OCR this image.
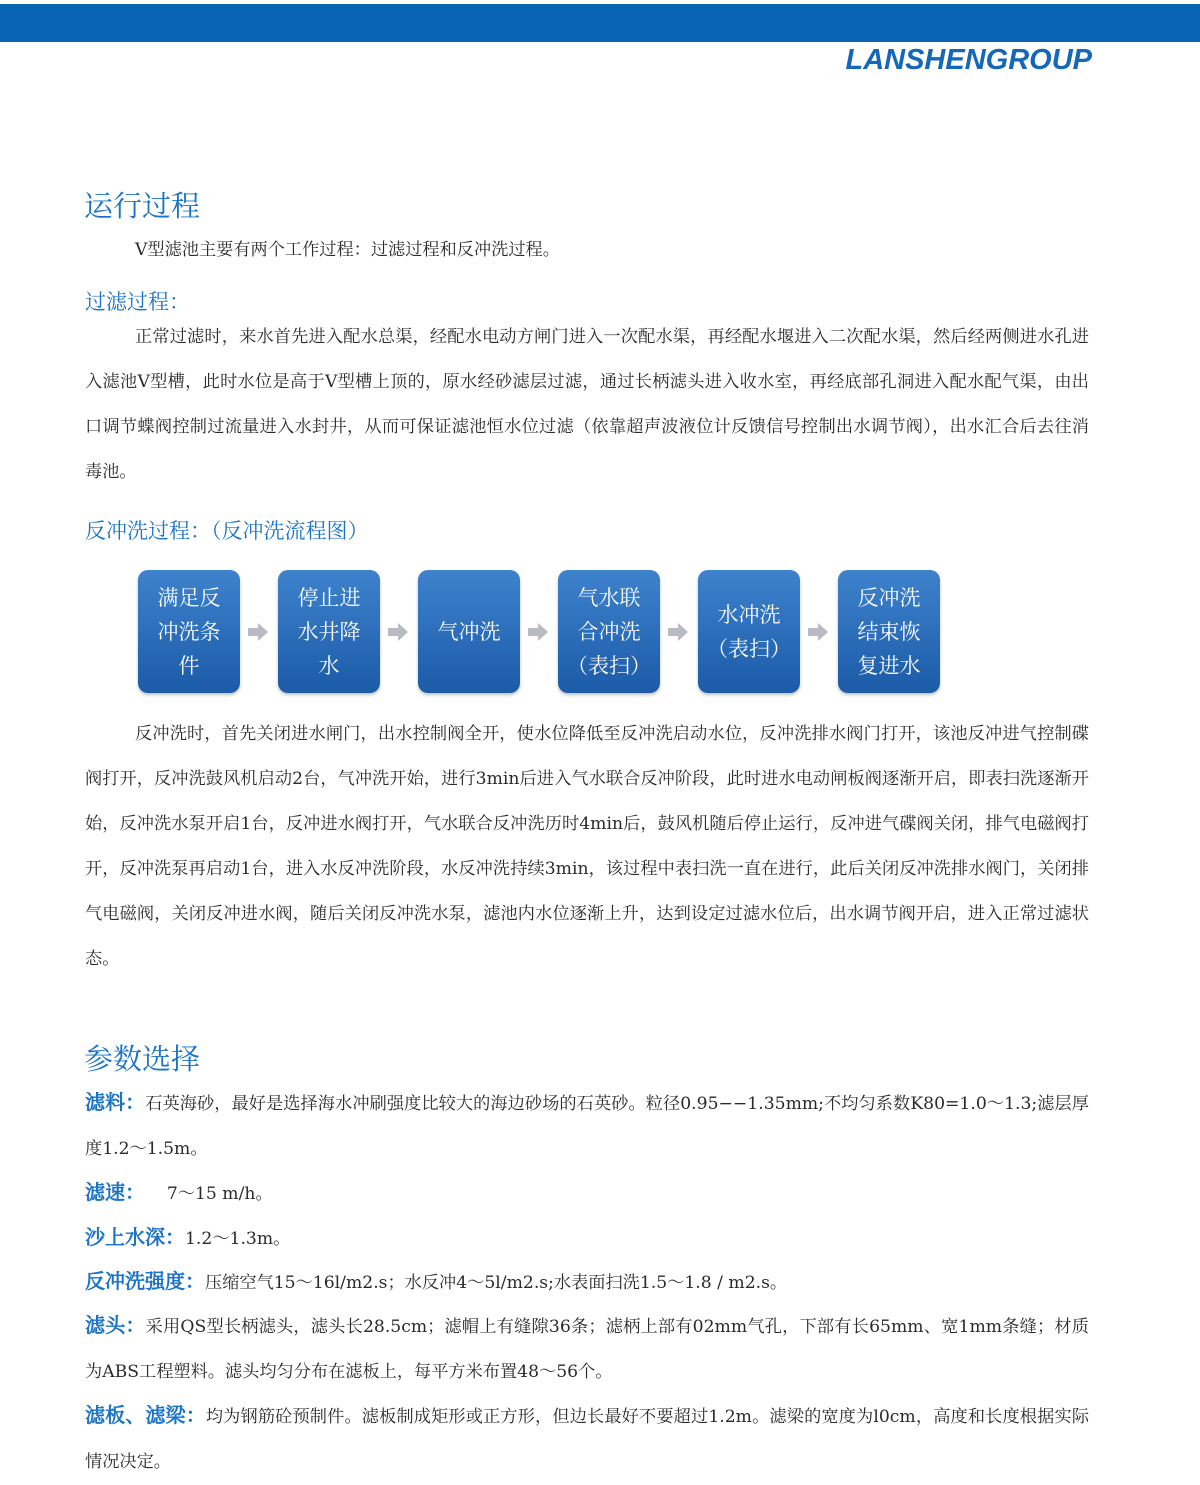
LANSHENGROUP
运行过程

V型滤池主要有两个工作过程：过滤过程和反冲洗过程。

过滤过程：

正常过滤时，来水首先进入配水总渠，经配水电动方闸门进入一次配水渠，再经配水堰进入二次配水渠，然后经两侧进水孔进入滤池V型槽，此时水位是高于V型槽上顶的，原水经砂滤层过滤，通过长柄滤头进入收水室，再经底部孔洞进入配水配气渠，由出口调节蝶阀控制过流量进入水封井，从而可保证滤池恒水位过滤（依靠超声波液位计反馈信号控制出水调节阀），出水汇合后去往消毒池。

反冲洗过程：（反冲洗流程图）
满足反
冲洗条
件
停止进
水井降
水
气冲洗
气水联
合冲洗
（表扫）
水冲洗
（表扫）
反冲洗
结束恢
复进水

反冲洗时，首先关闭进水闸门，出水控制阀全开，使水位降低至反冲洗启动水位，反冲洗排水阀门打开，该池反冲进气控制碟阀打开，反冲洗鼓风机启动2台，气冲洗开始，进行3min后进入气水联合反冲阶段，此时进水电动闸板阀逐渐开启，即表扫洗逐渐开始，反冲洗水泵开启1台，反冲进水阀打开，气水联合反冲洗历时4min后，鼓风机随后停止运行，反冲进气碟阀关闭，排气电磁阀打开，反冲洗泵再启动1台，进入水反冲洗阶段，水反冲洗持续3min，该过程中表扫洗一直在进行，此后关闭反冲洗排水阀门，关闭排气电磁阀，关闭反冲进水阀，随后关闭反冲洗水泵，滤池内水位逐渐上升，达到设定过滤水位后，出水调节阀开启，进入正常过滤状态。

参数选择

滤料：石英海砂，最好是选择海水冲刷强度比较大的海边砂场的石英砂。粒径0.95−−1.35mm;不均匀系数K80=1.0～1.3;滤层厚度1.2～1.5m。

滤速：    7～15 m/h。

沙上水深：1.2～1.3m。

反冲洗强度：压缩空气15～16l/m2.s；水反冲4～5l/m2.s;水表面扫洗1.5～1.8 / m2.s。

滤头：采用QS型长柄滤头，滤头长28.5cm；滤帽上有缝隙36条；滤柄上部有02mm气孔，下部有长65mm、宽1mm条缝；材质为ABS工程塑料。滤头均匀分布在滤板上，每平方米布置48～56个。

滤板、滤梁：均为钢筋砼预制件。滤板制成矩形或正方形，但边长最好不要超过1.2m。滤梁的宽度为l0cm，高度和长度根据实际情况决定。
